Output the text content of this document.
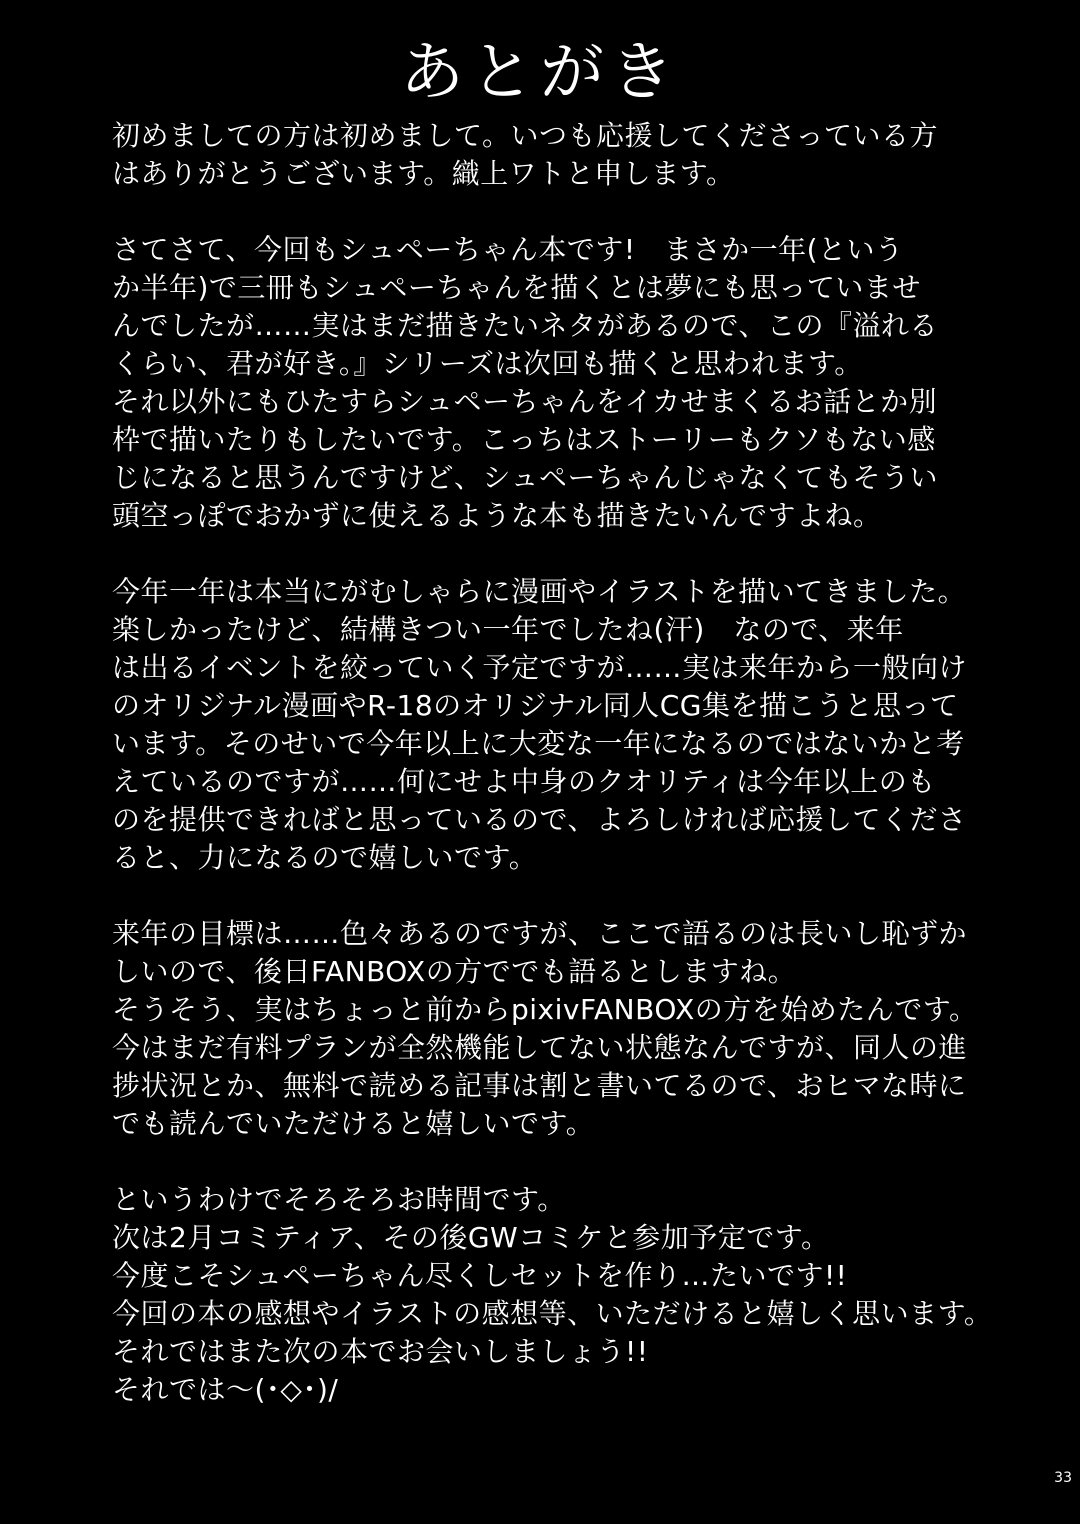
あとがき
初めましての方は初めまして。いつも応援してくださっている方
はありがとうございます。織上ワトと申します。
さてさて、今回もシュペーちゃん本です!　まさか一年(という
か半年)で三冊もシュペーちゃんを描くとは夢にも思っていませ
んでしたが……実はまだ描きたいネタがあるので、この『溢れる
くらい、君が好き。』シリーズは次回も描くと思われます。
それ以外にもひたすらシュペーちゃんをイカせまくるお話とか別
枠で描いたりもしたいです。こっちはストーリーもクソもない感
じになると思うんですけど、シュペーちゃんじゃなくてもそうい
頭空っぽでおかずに使えるような本も描きたいんですよね。
今年一年は本当にがむしゃらに漫画やイラストを描いてきました。
楽しかったけど、結構きつい一年でしたね(汗)　なので、来年
は出るイベントを絞っていく予定ですが……実は来年から一般向け
のオリジナル漫画やR-18のオリジナル同人CG集を描こうと思って
います。そのせいで今年以上に大変な一年になるのではないかと考
えているのですが……何にせよ中身のクオリティは今年以上のも
のを提供できればと思っているので、よろしければ応援してくださ
ると、力になるので嬉しいです。
来年の目標は……色々あるのですが、ここで語るのは長いし恥ずか
しいので、後日FANBOXの方ででも語るとしますね。
そうそう、実はちょっと前からpixivFANBOXの方を始めたんです。
今はまだ有料プランが全然機能してない状態なんですが、同人の進
捗状況とか、無料で読める記事は割と書いてるので、おヒマな時に
でも読んでいただけると嬉しいです。
というわけでそろそろお時間です。
次は2月コミティア、その後GWコミケと参加予定です。
今度こそシュペーちゃん尽くしセットを作り…たいです!!
今回の本の感想やイラストの感想等、いただけると嬉しく思います。
それではまた次の本でお会いしましょう!!
それでは～(･◇･)/
33
